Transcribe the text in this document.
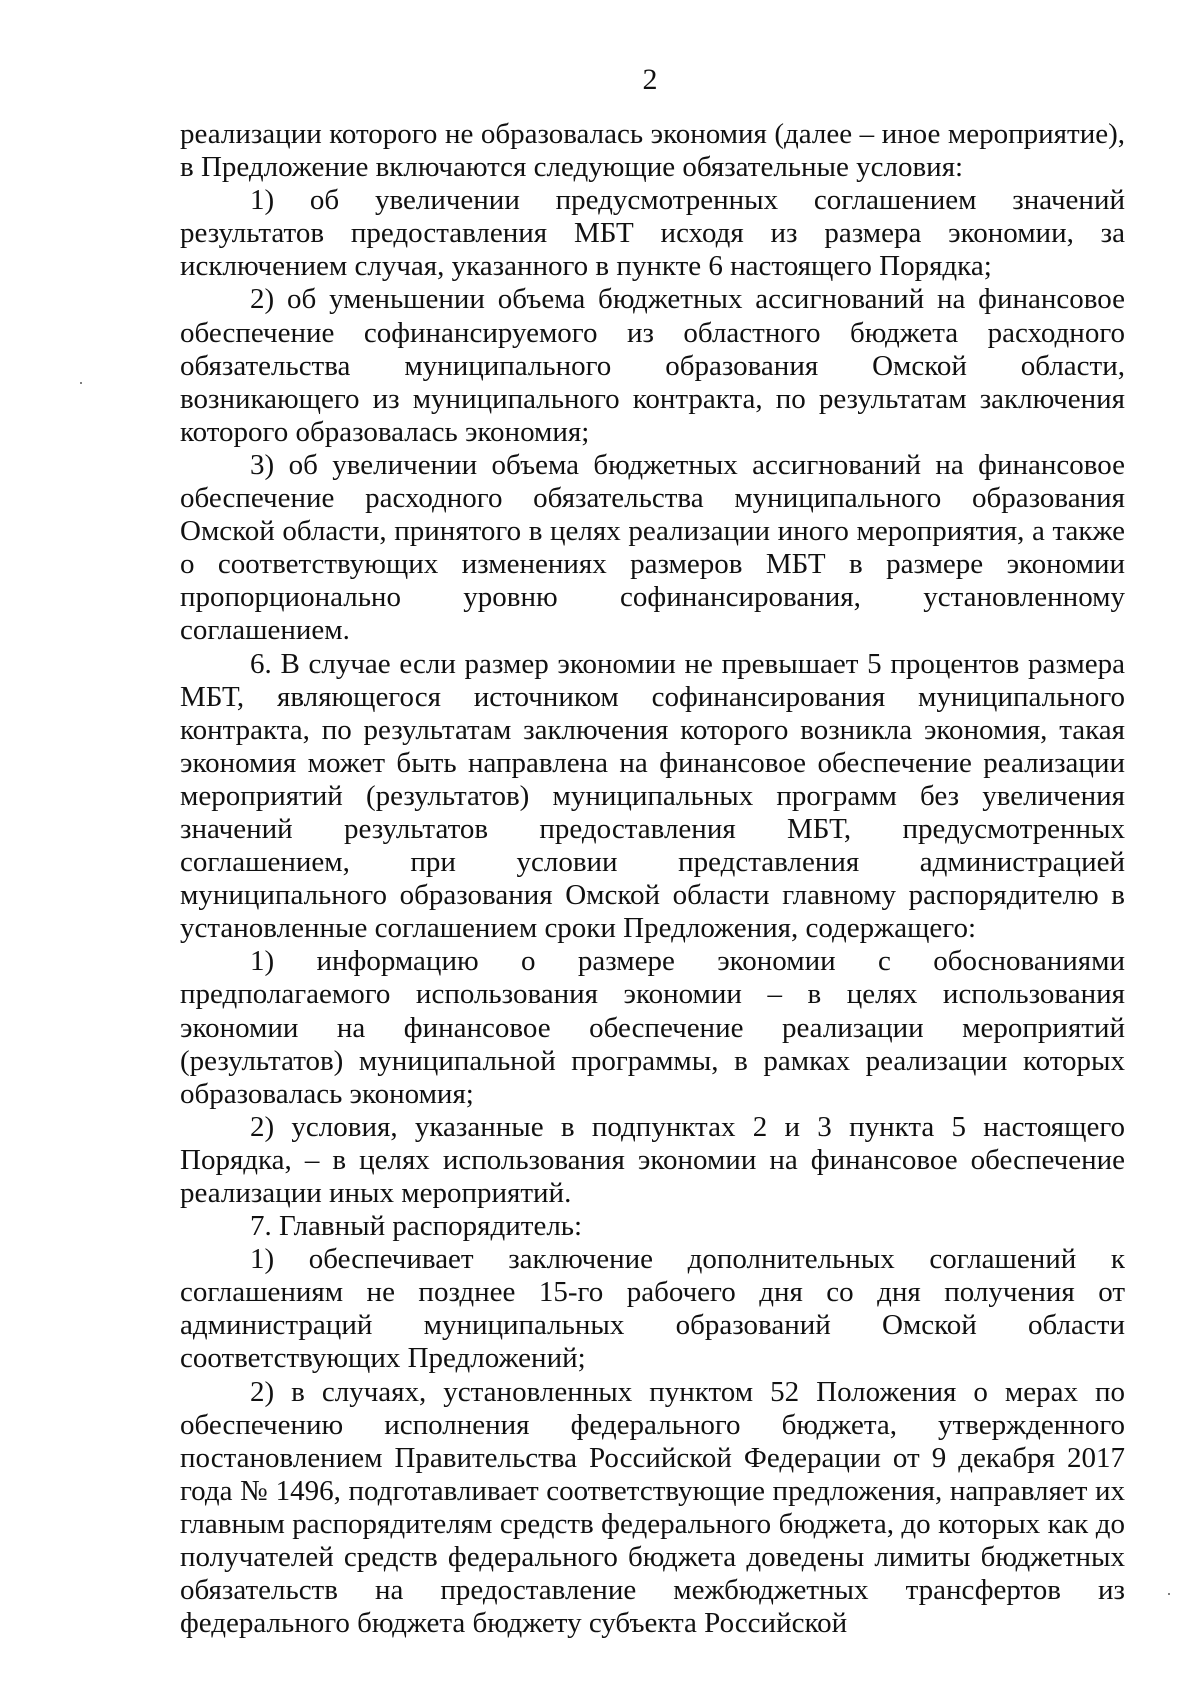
2

реализации которого не образовалась экономия (далее – иное мероприятие), в Предложение включаются следующие обязательные условия:

1) об увеличении предусмотренных соглашением значений результатов предоставления МБТ исходя из размера экономии, за исключением случая, указанного в пункте 6 настоящего Порядка;

2) об уменьшении объема бюджетных ассигнований на финансовое обеспечение софинансируемого из областного бюджета расходного обязательства муниципального образования Омской области, возникающего из муниципального контракта, по результатам заключения которого образовалась экономия;

3) об увеличении объема бюджетных ассигнований на финансовое обеспечение расходного обязательства муниципального образования Омской области, принятого в целях реализации иного мероприятия, а также о соответствующих изменениях размеров МБТ в размере экономии пропорционально уровню софинансирования, установленному соглашением.

6. В случае если размер экономии не превышает 5 процентов размера МБТ, являющегося источником софинансирования муниципального контракта, по результатам заключения которого возникла экономия, такая экономия может быть направлена на финансовое обеспечение реализации мероприятий (результатов) муниципальных программ без увеличения значений результатов предоставления МБТ, предусмотренных соглашением, при условии представления администрацией муниципального образования Омской области главному распорядителю в установленные соглашением сроки Предложения, содержащего:

1) информацию о размере экономии с обоснованиями предполагаемого использования экономии – в целях использования экономии на финансовое обеспечение реализации мероприятий (результатов) муниципальной программы, в рамках реализации которых образовалась экономия;

2) условия, указанные в подпунктах 2 и 3 пункта 5 настоящего Порядка, – в целях использования экономии на финансовое обеспечение реализации иных мероприятий.

7. Главный распорядитель:

1) обеспечивает заключение дополнительных соглашений к соглашениям не позднее 15-го рабочего дня со дня получения от администраций муниципальных образований Омской области соответствующих Предложений;

2) в случаях, установленных пунктом 52 Положения о мерах по обеспечению исполнения федерального бюджета, утвержденного постановлением Правительства Российской Федерации от 9 декабря 2017 года № 1496, подготавливает соответствующие предложения, направляет их главным распорядителям средств федерального бюджета, до которых как до получателей средств федерального бюджета доведены лимиты бюджетных обязательств на предоставление межбюджетных трансфертов из федерального бюджета бюджету субъекта Российской
